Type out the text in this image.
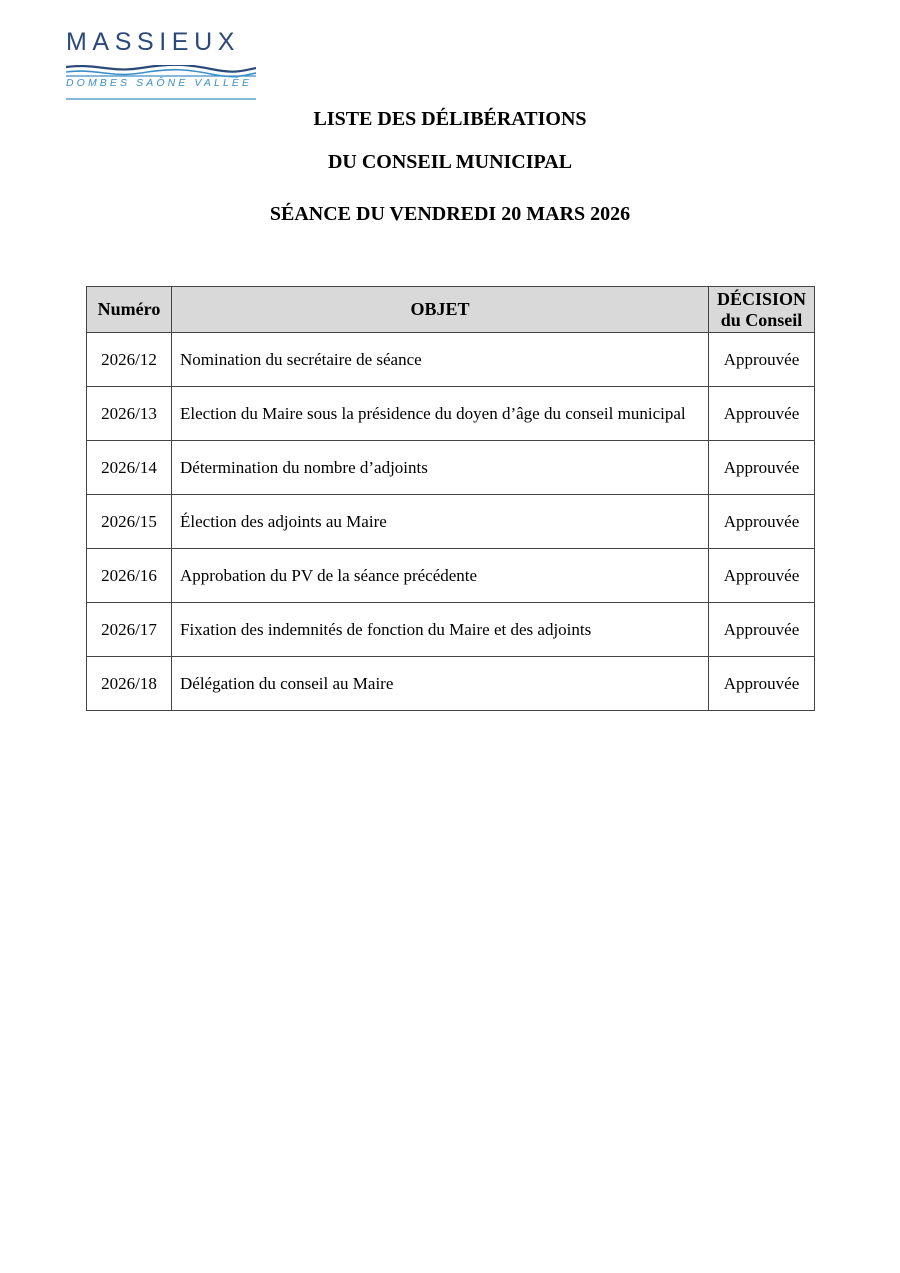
MASSIEUX
DOMBES SAÔNE VALLÉE
LISTE DES DÉLIBÉRATIONS
DU CONSEIL MUNICIPAL
SÉANCE DU VENDREDI 20 MARS 2026
Numéro	OBJET	DÉCISION
du Conseil
2026/12	Nomination du secrétaire de séance	Approuvée
2026/13	Election du Maire sous la présidence du doyen d’âge du conseil municipal	Approuvée
2026/14	Détermination du nombre d’adjoints	Approuvée
2026/15	Élection des adjoints au Maire	Approuvée
2026/16	Approbation du PV de la séance précédente	Approuvée
2026/17	Fixation des indemnités de fonction du Maire et des adjoints	Approuvée
2026/18	Délégation du conseil au Maire	Approuvée
